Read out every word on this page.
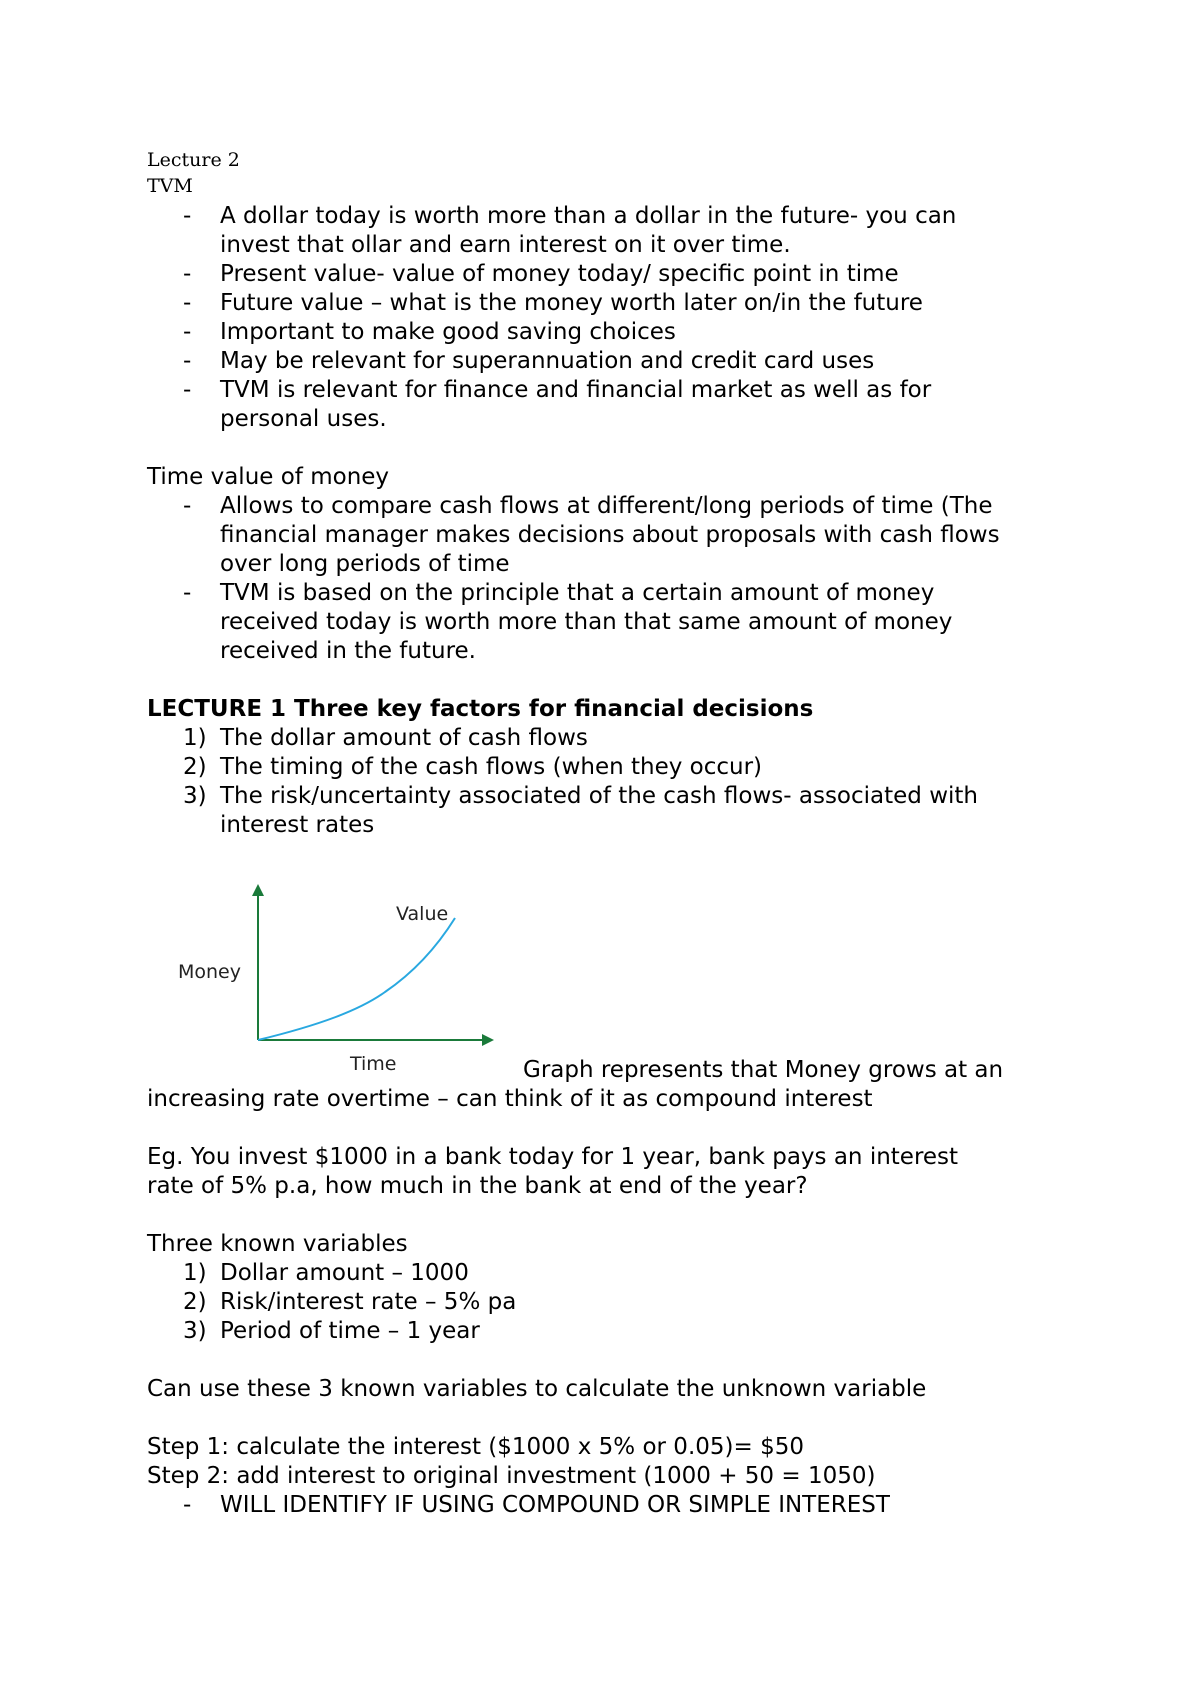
Lecture 2
TVM
- A dollar today is worth more than a dollar in the future- you can
invest that ollar and earn interest on it over time.
- Present value- value of money today/ specific point in time
- Future value – what is the money worth later on/in the future
- Important to make good saving choices
- May be relevant for superannuation and credit card uses
- TVM is relevant for finance and financial market as well as for
personal uses.
Time value of money
- Allows to compare cash flows at different/long periods of time (The
financial manager makes decisions about proposals with cash flows
over long periods of time
- TVM is based on the principle that a certain amount of money
received today is worth more than that same amount of money
received in the future.
LECTURE 1 Three key factors for financial decisions
1) The dollar amount of cash flows
2) The timing of the cash flows (when they occur)
3) The risk/uncertainty associated of the cash flows- associated with
interest rates
Money
Time
Value
Graph represents that Money grows at an
increasing rate overtime – can think of it as compound interest
Eg. You invest $1000 in a bank today for 1 year, bank pays an interest
rate of 5% p.a, how much in the bank at end of the year?
Three known variables
1) Dollar amount – 1000
2) Risk/interest rate – 5% pa
3) Period of time – 1 year
Can use these 3 known variables to calculate the unknown variable
Step 1: calculate the interest ($1000 x 5% or 0.05)= $50
Step 2: add interest to original investment (1000 + 50 = 1050)
- WILL IDENTIFY IF USING COMPOUND OR SIMPLE INTEREST
